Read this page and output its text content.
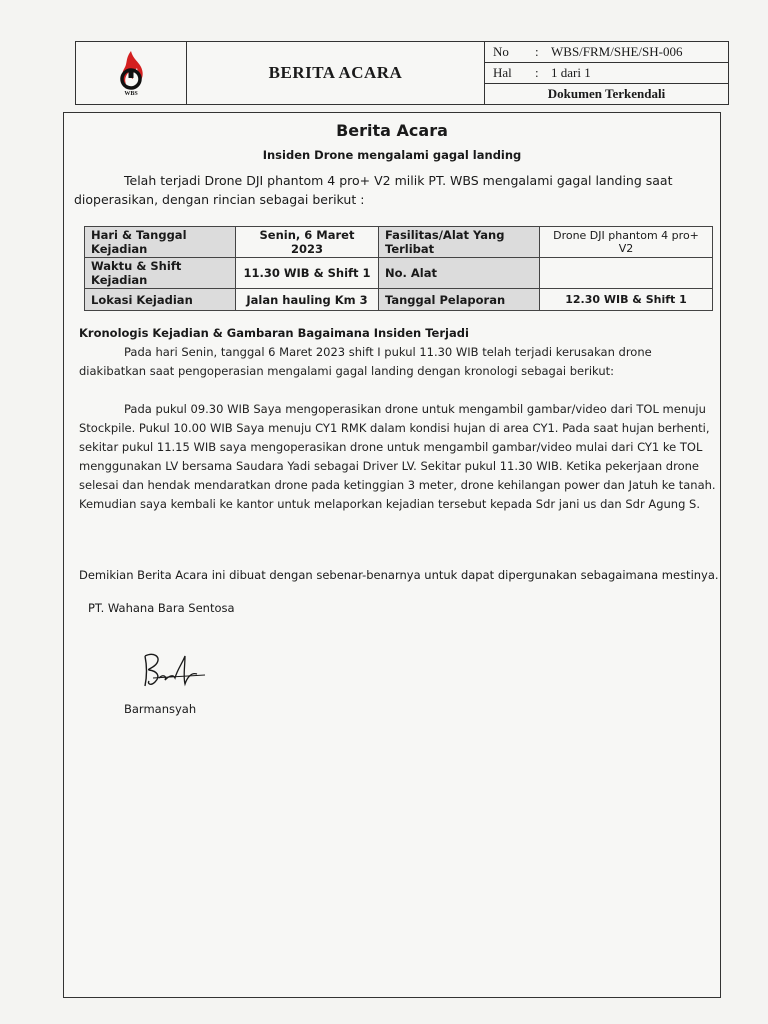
WBS
BERITA ACARA
No	: WBS/FRM/SHE/SH-006
Hal	: 1 dari 1
Dokumen Terkendali
Berita Acara
Insiden Drone mengalami gagal landing
Telah terjadi Drone DJI phantom 4 pro+ V2 milik PT. WBS mengalami gagal landing saat dioperasikan, dengan rincian sebagai berikut :
Hari & Tanggal Kejadian	Senin, 6 Maret 2023	Fasilitas/Alat Yang Terlibat	Drone DJI phantom 4 pro+ V2
Waktu & Shift Kejadian	11.30 WIB & Shift 1	No. Alat	
Lokasi Kejadian	Jalan hauling Km 3	Tanggal Pelaporan	12.30 WIB & Shift 1
Kronologis Kejadian & Gambaran Bagaimana Insiden Terjadi
Pada hari Senin, tanggal 6 Maret 2023 shift I pukul 11.30 WIB telah terjadi kerusakan drone diakibatkan saat pengoperasian mengalami gagal landing dengan kronologi sebagai berikut:
Pada pukul 09.30 WIB Saya mengoperasikan drone untuk mengambil gambar/video dari TOL menuju Stockpile. Pukul 10.00 WIB Saya menuju CY1 RMK dalam kondisi hujan di area CY1. Pada saat hujan berhenti, sekitar pukul 11.15 WIB saya mengoperasikan drone untuk mengambil gambar/video mulai dari CY1 ke TOL menggunakan LV bersama Saudara Yadi sebagai Driver LV. Sekitar pukul 11.30 WIB. Ketika pekerjaan drone selesai dan hendak mendaratkan drone pada ketinggian 3 meter, drone kehilangan power dan Jatuh ke tanah. Kemudian saya kembali ke kantor untuk melaporkan kejadian tersebut kepada Sdr jani us dan Sdr Agung S.
Demikian Berita Acara ini dibuat dengan sebenar-benarnya untuk dapat dipergunakan sebagaimana mestinya.
PT. Wahana Bara Sentosa
Barmansyah
